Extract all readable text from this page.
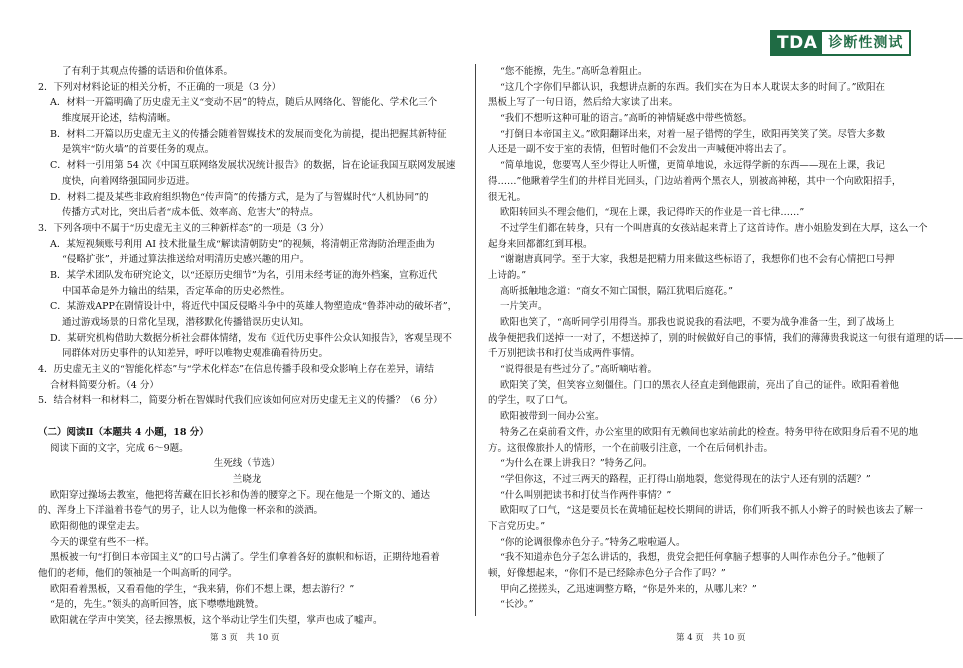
TDA 诊断性测试
了有利于其观点传播的话语和价值体系。
2．下列对材料论证的相关分析，不正确的一项是（3 分）
A．材料一开篇明确了历史虚无主义“变动不居”的特点，随后从网络化、智能化、学术化三个
维度展开论述，结构清晰。
B．材料二开篇以历史虚无主义的传播会随着智媒技术的发展而变化为前提，提出把握其新特征
是筑牢“防火墙”的首要任务的观点。
C．材料一引用第 54 次《中国互联网络发展状况统计报告》的数据，旨在论证我国互联网发展速
度快，向着网络强国同步迈进。
D．材料二提及某些非政府组织物色“传声筒”的传播方式，是为了与智媒时代“人机协同”的
传播方式对比，突出后者“成本低、效率高、危害大”的特点。
3．下列各项中不属于“历史虚无主义的三种新样态”的一项是（3 分）
A．某短视频账号利用 AI 技术批量生成“解读清朝防史”的视频，将清朝正常海防治理歪曲为
“侵略扩张”，并通过算法推送给对明清历史感兴趣的用户。
B．某学术团队发布研究论文，以“还原历史细节”为名，引用未经考证的海外档案，宣称近代
中国革命是外力输出的结果，否定革命的历史必然性。
C．某游戏APP在剧情设计中，将近代中国反侵略斗争中的英雄人物塑造成“鲁莽冲动的破坏者”，
通过游戏场景的日常化呈现，潜移默化传播错误历史认知。
D．某研究机构借助大数据分析社会群体情绪，发布《近代历史事件公众认知报告》，客观呈现不
同群体对历史事件的认知差异，呼吁以唯物史观准确看待历史。
4．历史虚无主义的“智能化样态”与“学术化样态”在信息传播手段和受众影响上存在差异，请结
合材料简要分析。（4 分）
5．结合材料一和材料二，简要分析在智媒时代我们应该如何应对历史虚无主义的传播？（6 分）
（二）阅读Ⅱ（本题共 4 小题，18 分）
阅读下面的文字，完成 6～9题。
生死线（节选）
兰晓龙
欧阳穿过操场去教室，他把将苦藏在旧长衫和伪善的腰穿之下。现在他是一个斯文的、通达
的、浑身上下洋溢着书卷气的男子，让人以为他像一杯亲和的淡酒。
欧阳彻他的课堂走去。
今天的课堂有些不一样。
黑板被一句“打倒日本帝国主义”的口号占满了。学生们拿着各好的旗帜和标语，正期待地看着
他们的老师，他们的领袖是一个叫高昕的同学。
欧阳看着黑板，又看看他的学生，“我来猜，你们不想上课，想去游行？”
“是的，先生。”领头的高昕回答，底下噤噤地跳赞。
欧阳就在学声中笑笑，径去擦黑板，这个举动让学生们失望，掌声也成了嘘声。
“您不能擦，先生。”高昕急着阻止。
“这几个字你们早都认识，我想讲点新的东西。我们实在为日本人耽误太多的时间了。”欧阳在
黑板上写了一句日语，然后给大家读了出来。
“我们不想听这种可耻的语言。”高昕的神情疑惑中带些愤怒。
“打倒日本帝国主义。”欧阳翻译出来，对着一屋子错愕的学生，欧阳再笑笑了笑。尽管大多数
人还是一副不安于室的表情，但暂时他们不会发出一声喊便冲将出去了。
“简单地说，您要骂人至少得让人听懂，更简单地说，永远得学新的东西——现在上课，我记
得……”他瞅着学生们的井样目光回头，门边站着两个黑衣人，别被高神秘，其中一个向欧阳招手，
很无礼。
欧阳转回头不理会他们，“现在上课，我记得昨天的作业是一首七律……”
不过学生们都在转身，只有一个叫唐真的女孩站起来背上了这首诗作。唐小姐脸发到在大厚，这么一个
起身来回都都红到耳根。
“谢谢唐真同学。至于大家，我想是把精力用来做这些标语了，我想你们也不会有心情把口号押
上诗韵。”
高昕抵触地念道：“商女不知亡国恨，隔江犹唱后庭花。”
一片笑声。
欧阳也笑了，“高昕同学引用得当。那我也说说我的看法吧，不要为战争准备一生，到了战场上
战争便把我们送掉一一对了，不想送掉了，别的时候做好自己的事情，我们的薄薄贵我说这一句很有道理的话——
千万别把读书和打仗当成两件事情。
“说得很是有些过分了。”高昕嘀咕着。
欧阳笑了笑，但笑容立刻僵住。门口的黑衣人径直走到他跟前，亮出了自己的证件。欧阳看着他
的学生，叹了口气。
欧阳被带到一间办公室。
特务乙在桌前看文件，办公室里的欧阳有无赖间也家站前此的检查。特务甲待在欧阳身后看不见的地
方。这很像旅扑人的情形，一个在前吸引注意，一个在后伺机扑击。
“为什么在课上讲我日？”特务乙问。
“学但你这，不过三两天的路程，正打得山崩地裂，您觉得现在的法宁人还有别的活题？”
“什么叫别把读书和打仗当作两件事情？”
欧阳叹了口气，“这是要员长在黄埔征起校长期间的讲话，你们听我不抓人小辫子的时候也该去了解一
下言党历史。”
“你的论调很像赤色分子。”特务乙啦啦逼人。
“我不知道赤色分子怎么讲话的，我想，贵党会把任何拿脑子想事的人叫作赤色分子。”他顿了
顿，好像想起来，“你们不是已经除赤色分子合作了吗？”
甲向乙搓搓头，乙迅速调整方略，“你是外来的，从哪儿来？”
“长沙。”
第 3 页　共 10 页	第 4 页　共 10 页
